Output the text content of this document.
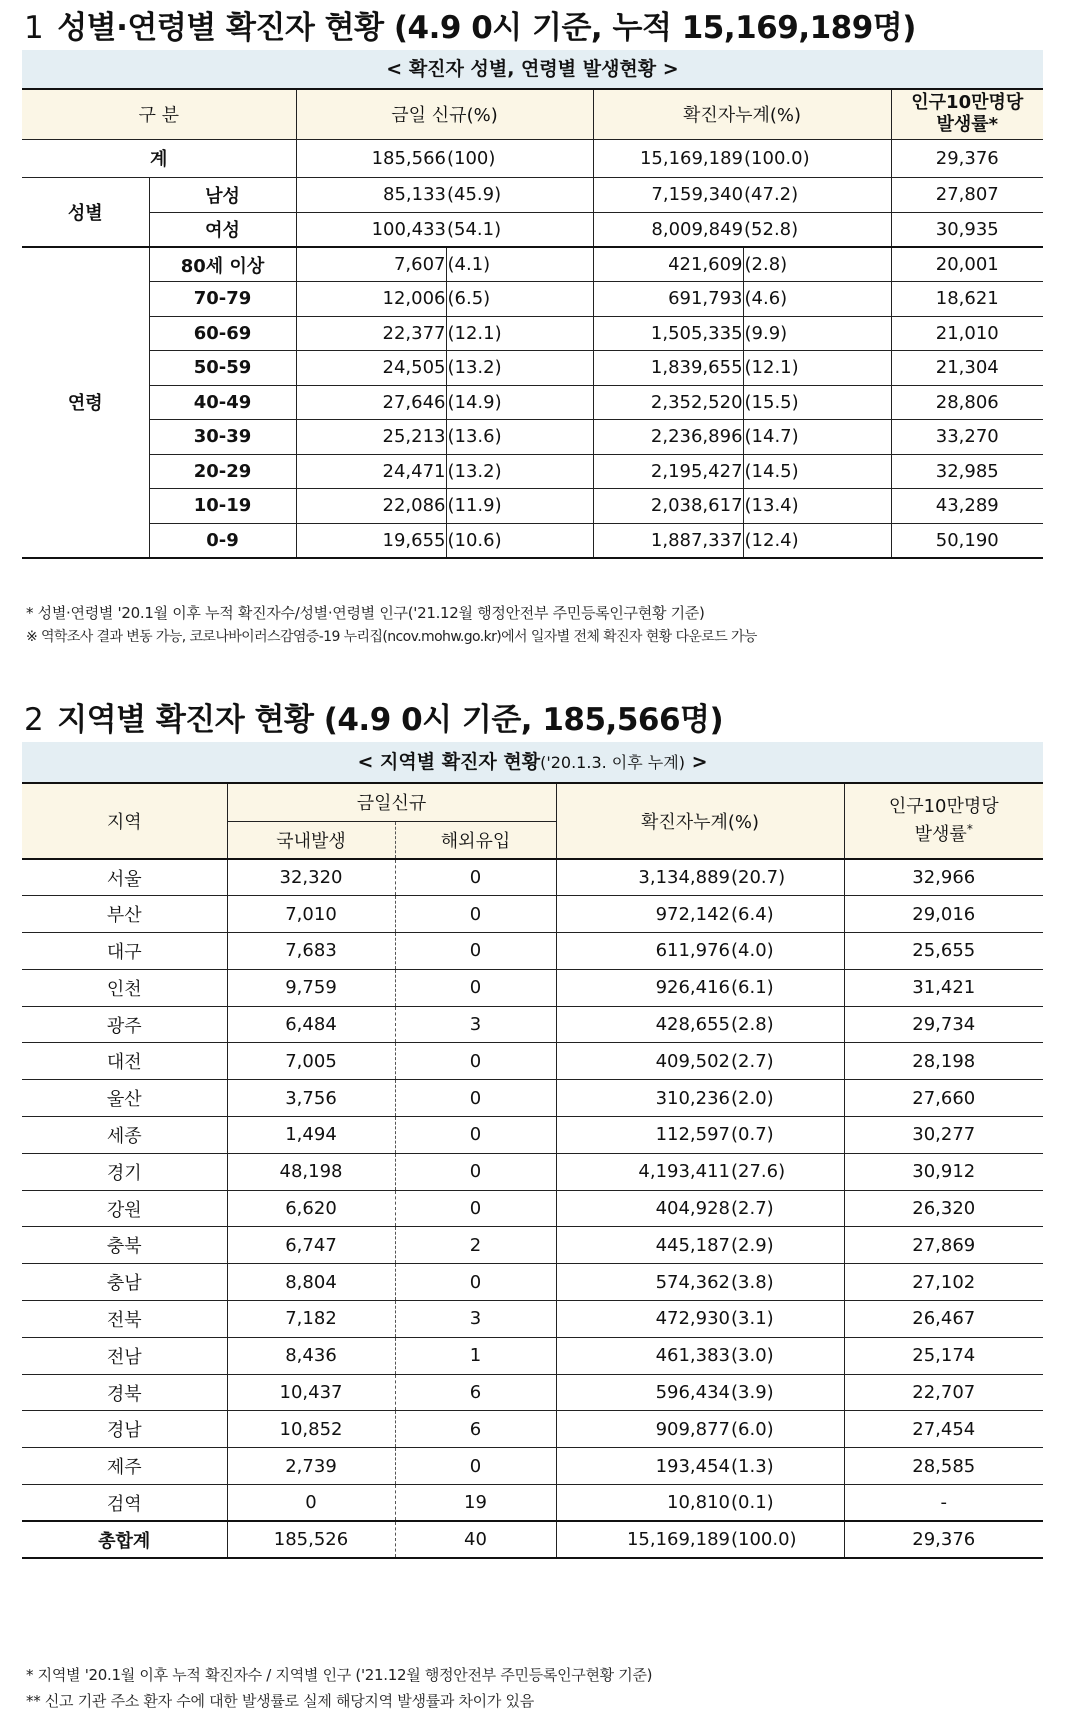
1 성별·연령별 확진자 현황 (4.9 0시 기준, 누적 15,169,189명)
< 확진자 성별, 연령별 발생현황 >
구 분		금일 신규(%)		확진자누계(%)		인구10만명당
발생률*

계		185,566	(100)	15,169,189	(100.0)	29,376
성별	남성	85,133	(45.9)	7,159,340	(47.2)	27,807
	여성	100,433	(54.1)	8,009,849	(52.8)	30,935
연령	80세 이상	7,607	(4.1)	421,609	(2.8)	20,001
	70-79	12,006	(6.5)	691,793	(4.6)	18,621
	60-69	22,377	(12.1)	1,505,335	(9.9)	21,010
	50-59	24,505	(13.2)	1,839,655	(12.1)	21,304
	40-49	27,646	(14.9)	2,352,520	(15.5)	28,806
	30-39	25,213	(13.6)	2,236,896	(14.7)	33,270
	20-29	24,471	(13.2)	2,195,427	(14.5)	32,985
	10-19	22,086	(11.9)	2,038,617	(13.4)	43,289
	0-9	19,655	(10.6)	1,887,337	(12.4)	50,190
* 성별·연령별 '20.1월 이후 누적 확진자수/성별·연령별 인구('21.12월 행정안전부 주민등록인구현황 기준)
※ 역학조사 결과 변동 가능, 코로나바이러스감염증-19 누리집(ncov.mohw.go.kr)에서 일자별 전체 확진자 현황 다운로드 가능
2 지역별 확진자 현황 (4.9 0시 기준, 185,566명)
< 지역별 확진자 현황('20.1.3. 이후 누계) >
지역	금일신규		확진자누계(%)		인구10만명당
발생률*

	국내발생	해외유입			
서울	32,320	0	3,134,889	(20.7)	32,966
부산	7,010	0	972,142	(6.4)	29,016
대구	7,683	0	611,976	(4.0)	25,655
인천	9,759	0	926,416	(6.1)	31,421
광주	6,484	3	428,655	(2.8)	29,734
대전	7,005	0	409,502	(2.7)	28,198
울산	3,756	0	310,236	(2.0)	27,660
세종	1,494	0	112,597	(0.7)	30,277
경기	48,198	0	4,193,411	(27.6)	30,912
강원	6,620	0	404,928	(2.7)	26,320
충북	6,747	2	445,187	(2.9)	27,869
충남	8,804	0	574,362	(3.8)	27,102
전북	7,182	3	472,930	(3.1)	26,467
전남	8,436	1	461,383	(3.0)	25,174
경북	10,437	6	596,434	(3.9)	22,707
경남	10,852	6	909,877	(6.0)	27,454
제주	2,739	0	193,454	(1.3)	28,585
검역	0	19	10,810	(0.1)	-
총합계	185,526	40	15,169,189	(100.0)	29,376
* 지역별 '20.1월 이후 누적 확진자수 / 지역별 인구 ('21.12월 행정안전부 주민등록인구현황 기준)
** 신고 기관 주소 환자 수에 대한 발생률로 실제 해당지역 발생률과 차이가 있음
